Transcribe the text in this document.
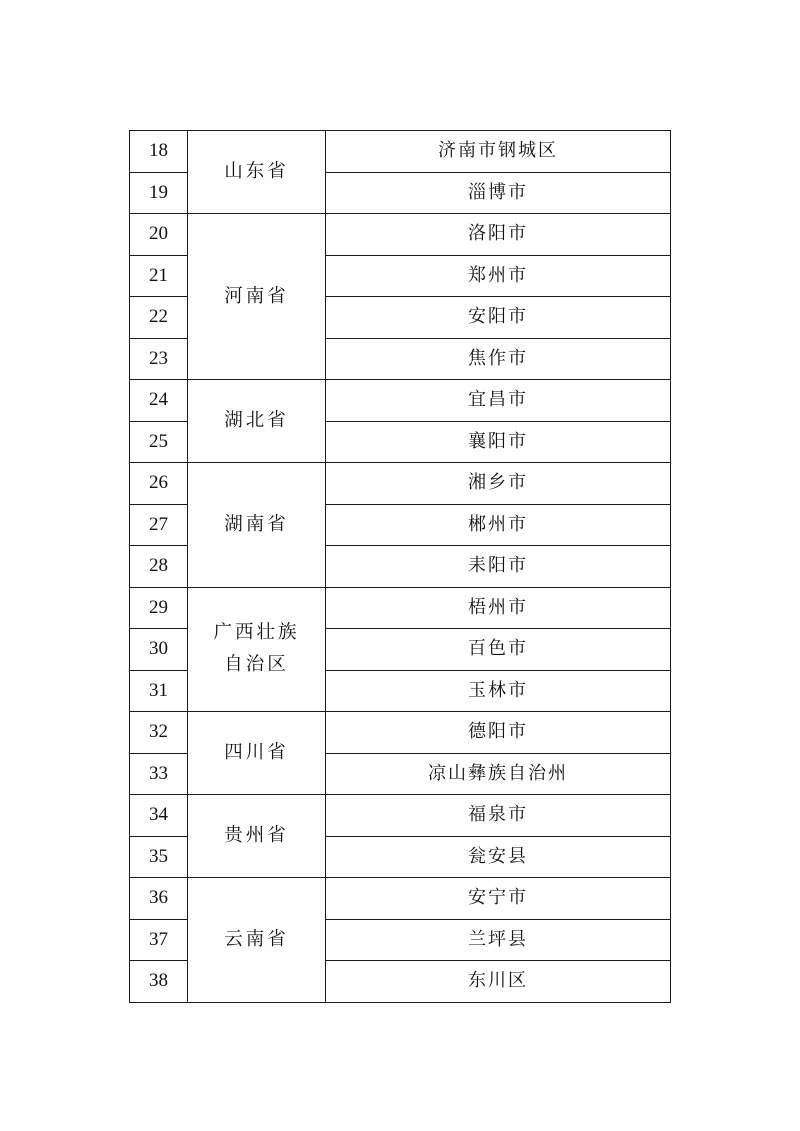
18	山东省	济南市钢城区
19		淄博市
20	河南省	洛阳市
21		郑州市
22		安阳市
23		焦作市
24	湖北省	宜昌市
25		襄阳市
26	湖南省	湘乡市
27		郴州市
28		耒阳市
29	广西壮族自治区	梧州市
30		百色市
31		玉林市
32	四川省	德阳市
33		凉山彝族自治州
34	贵州省	福泉市
35		瓮安县
36	云南省	安宁市
37		兰坪县
38		东川区
